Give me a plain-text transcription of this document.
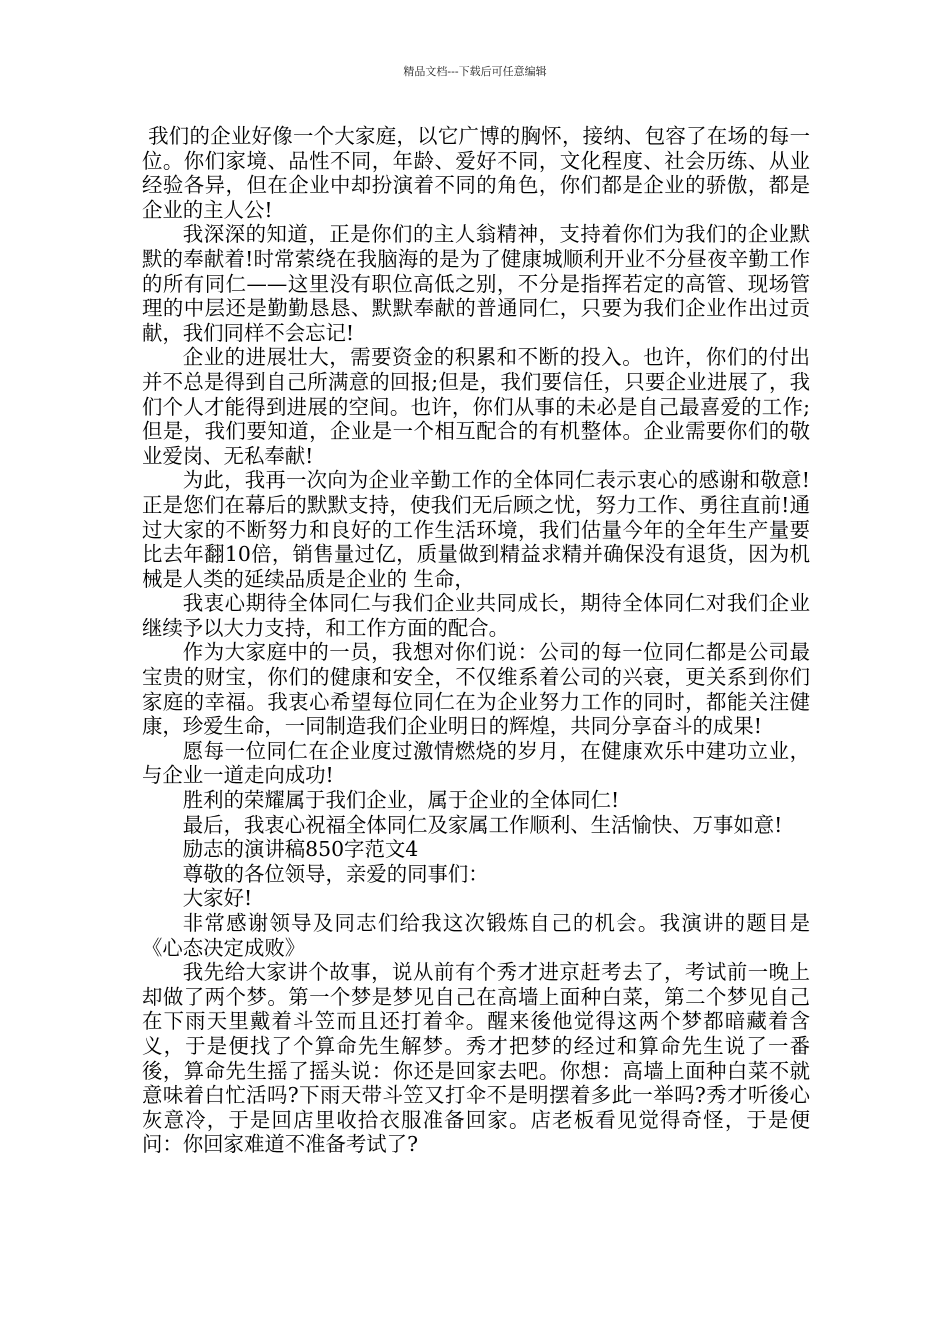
精品文档---下载后可任意编辑

我们的企业好像一个大家庭，以它广博的胸怀，接纳、包容了在场的每一位。你们家境、品性不同，年龄、爱好不同，文化程度、社会历练、从业经验各异，但在企业中却扮演着不同的角色，你们都是企业的骄傲，都是企业的主人公!

我深深的知道，正是你们的主人翁精神，支持着你们为我们的企业默默的奉献着!时常萦绕在我脑海的是为了健康城顺利开业不分昼夜辛勤工作的所有同仁——这里没有职位高低之别，不分是指挥若定的高管、现场管理的中层还是勤勤恳恳、默默奉献的普通同仁，只要为我们企业作出过贡献，我们同样不会忘记!

企业的进展壮大，需要资金的积累和不断的投入。也许，你们的付出并不总是得到自己所满意的回报;但是，我们要信任，只要企业进展了，我们个人才能得到进展的空间。也许，你们从事的未必是自己最喜爱的工作;但是，我们要知道，企业是一个相互配合的有机整体。企业需要你们的敬业爱岗、无私奉献!

为此，我再一次向为企业辛勤工作的全体同仁表示衷心的感谢和敬意!正是您们在幕后的默默支持，使我们无后顾之忧，努力工作、勇往直前!通过大家的不断努力和良好的工作生活环境，我们估量今年的全年生产量要比去年翻10倍，销售量过亿，质量做到精益求精并确保没有退货，因为机械是人类的延续品质是企业的 生命，

我衷心期待全体同仁与我们企业共同成长，期待全体同仁对我们企业继续予以大力支持，和工作方面的配合。

作为大家庭中的一员，我想对你们说：公司的每一位同仁都是公司最宝贵的财宝，你们的健康和安全，不仅维系着公司的兴衰，更关系到你们家庭的幸福。我衷心希望每位同仁在为企业努力工作的同时，都能关注健康，珍爱生命，一同制造我们企业明日的辉煌，共同分享奋斗的成果!

愿每一位同仁在企业度过激情燃烧的岁月，在健康欢乐中建功立业，与企业一道走向成功!

胜利的荣耀属于我们企业，属于企业的全体同仁!

最后，我衷心祝福全体同仁及家属工作顺利、生活愉快、万事如意!

励志的演讲稿850字范文4

尊敬的各位领导，亲爱的同事们：

大家好!

非常感谢领导及同志们给我这次锻炼自己的机会。我演讲的题目是《心态决定成败》

我先给大家讲个故事，说从前有个秀才进京赶考去了，考试前一晚上却做了两个梦。第一个梦是梦见自己在高墙上面种白菜，第二个梦见自己在下雨天里戴着斗笠而且还打着伞。醒来後他觉得这两个梦都暗藏着含义，于是便找了个算命先生解梦。秀才把梦的经过和算命先生说了一番後，算命先生摇了摇头说：你还是回家去吧。你想：高墙上面种白菜不就意味着白忙活吗?下雨天带斗笠又打伞不是明摆着多此一举吗?秀才听後心灰意冷，于是回店里收拾衣服准备回家。店老板看见觉得奇怪，于是便问：你回家难道不准备考试了?
